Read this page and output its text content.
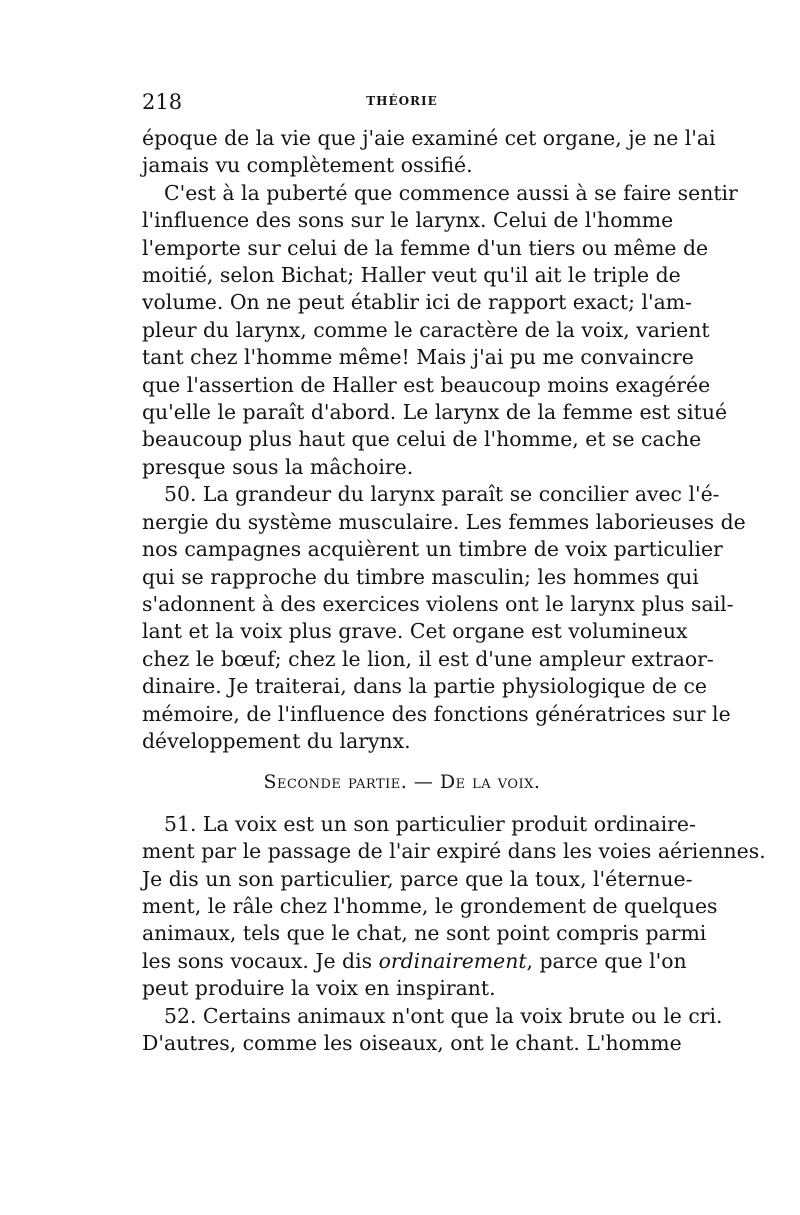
218	THÉORIE

époque de la vie que j'aie examiné cet organe, je ne l'ai
jamais vu complètement ossifié.

C'est à la puberté que commence aussi à se faire sentir
l'influence des sons sur le larynx. Celui de l'homme
l'emporte sur celui de la femme d'un tiers ou même de
moitié, selon Bichat; Haller veut qu'il ait le triple de
volume. On ne peut établir ici de rapport exact; l'am-
pleur du larynx, comme le caractère de la voix, varient
tant chez l'homme même! Mais j'ai pu me convaincre
que l'assertion de Haller est beaucoup moins exagérée
qu'elle le paraît d'abord. Le larynx de la femme est situé
beaucoup plus haut que celui de l'homme, et se cache
presque sous la mâchoire.

50. La grandeur du larynx paraît se concilier avec l'é-
nergie du système musculaire. Les femmes laborieuses de
nos campagnes acquièrent un timbre de voix particulier
qui se rapproche du timbre masculin; les hommes qui
s'adonnent à des exercices violens ont le larynx plus sail-
lant et la voix plus grave. Cet organe est volumineux
chez le bœuf; chez le lion, il est d'une ampleur extraor-
dinaire. Je traiterai, dans la partie physiologique de ce
mémoire, de l'influence des fonctions génératrices sur le
développement du larynx.

Seconde partie. — De la voix.

51. La voix est un son particulier produit ordinaire-
ment par le passage de l'air expiré dans les voies aériennes.
Je dis un son particulier, parce que la toux, l'éternue-
ment, le râle chez l'homme, le grondement de quelques
animaux, tels que le chat, ne sont point compris parmi
les sons vocaux. Je dis ordinairement, parce que l'on
peut produire la voix en inspirant.

52. Certains animaux n'ont que la voix brute ou le cri.
D'autres, comme les oiseaux, ont le chant. L'homme
